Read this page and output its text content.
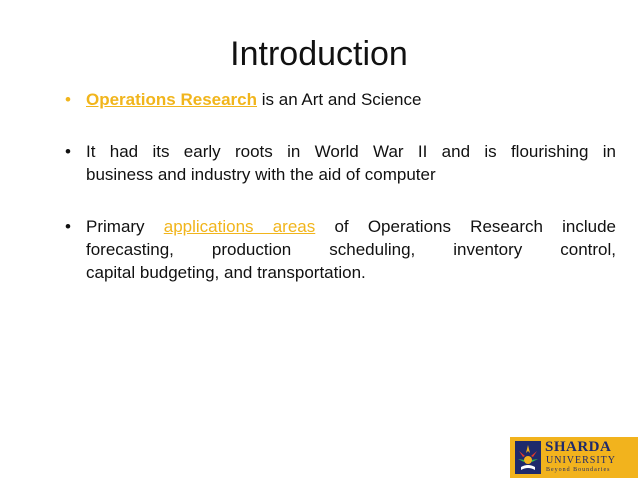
Introduction
• Operations Research is an Art and Science
• It had its early roots in World War II and is flourishing in
business and industry with the aid of computer
• Primary applications areas of Operations Research include
forecasting, production scheduling, inventory control,
capital budgeting, and transportation.
SHARDA
UNIVERSITY
Beyond Boundaries
